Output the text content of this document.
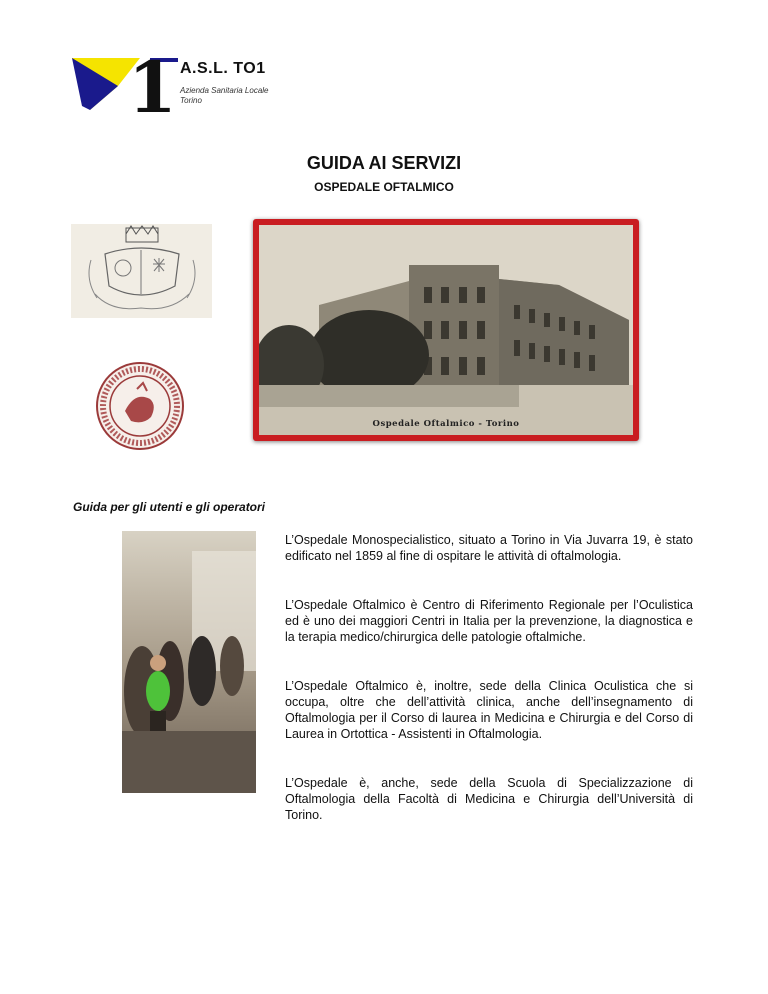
1 A.S.L. TO1
Azienda Sanitaria Locale
Torino
GUIDA AI SERVIZI
OSPEDALE OFTALMICO
Ospedale Oftalmico - Torino
Guida per gli utenti e gli operatori
L’Ospedale Monospecialistico, situato a Torino in Via Juvarra 19, è stato edificato nel 1859 al fine di ospitare le attività di oftalmologia.
L’Ospedale Oftalmico è Centro di Riferimento Regionale per l’Oculistica ed è uno dei maggiori Centri in Italia per la prevenzione, la diagnostica e la terapia medico/chirurgica delle patologie oftalmiche.
L’Ospedale Oftalmico è, inoltre, sede della Clinica Oculistica che si occupa, oltre che dell’attività clinica, anche dell’insegnamento di Oftalmologia per il Corso di laurea in Medicina e Chirurgia e del Corso di Laurea in Ortottica - Assistenti in Oftalmologia.
L’Ospedale è, anche, sede della Scuola di Specializzazione di Oftalmologia della Facoltà di Medicina e Chirurgia dell’Università di Torino.
